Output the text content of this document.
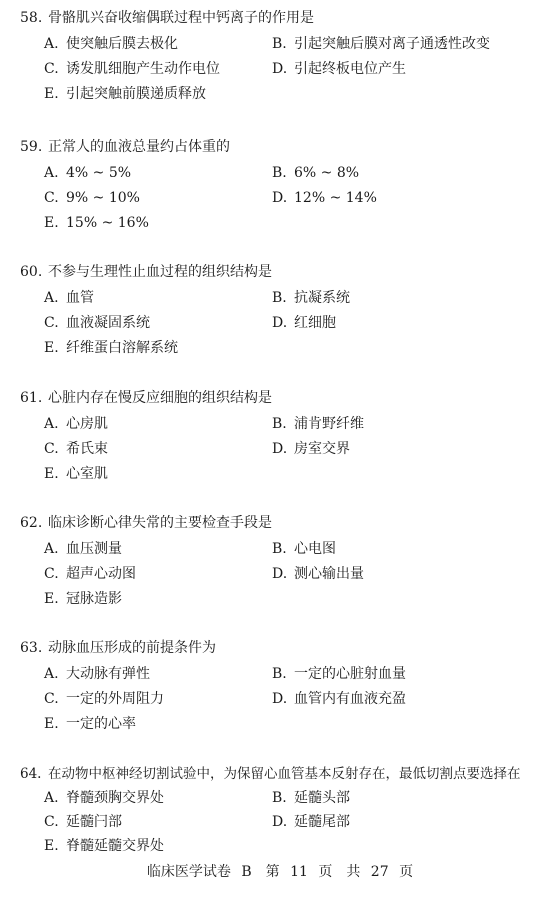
58. 骨骼肌兴奋收缩偶联过程中钙离子的作用是
A. 使突触后膜去极化	B. 引起突触后膜对离子通透性改变
C. 诱发肌细胞产生动作电位	D. 引起终板电位产生
E. 引起突触前膜递质释放
59. 正常人的血液总量约占体重的
A. 4% ~ 5%	B. 6% ~ 8%
C. 9% ~ 10%	D. 12% ~ 14%
E. 15% ~ 16%
60. 不参与生理性止血过程的组织结构是
A. 血管	B. 抗凝系统
C. 血液凝固系统	D. 红细胞
E. 纤维蛋白溶解系统
61. 心脏内存在慢反应细胞的组织结构是
A. 心房肌	B. 浦肯野纤维
C. 希氏束	D. 房室交界
E. 心室肌
62. 临床诊断心律失常的主要检查手段是
A. 血压测量	B. 心电图
C. 超声心动图	D. 测心输出量
E. 冠脉造影
63. 动脉血压形成的前提条件为
A. 大动脉有弹性	B. 一定的心脏射血量
C. 一定的外周阻力	D. 血管内有血液充盈
E. 一定的心率
64. 在动物中枢神经切割试验中，为保留心血管基本反射存在，最低切割点要选择在
A. 脊髓颈胸交界处	B. 延髓头部
C. 延髓闩部	D. 延髓尾部
E. 脊髓延髓交界处
临床医学试卷 B　第 11 页　共 27 页
